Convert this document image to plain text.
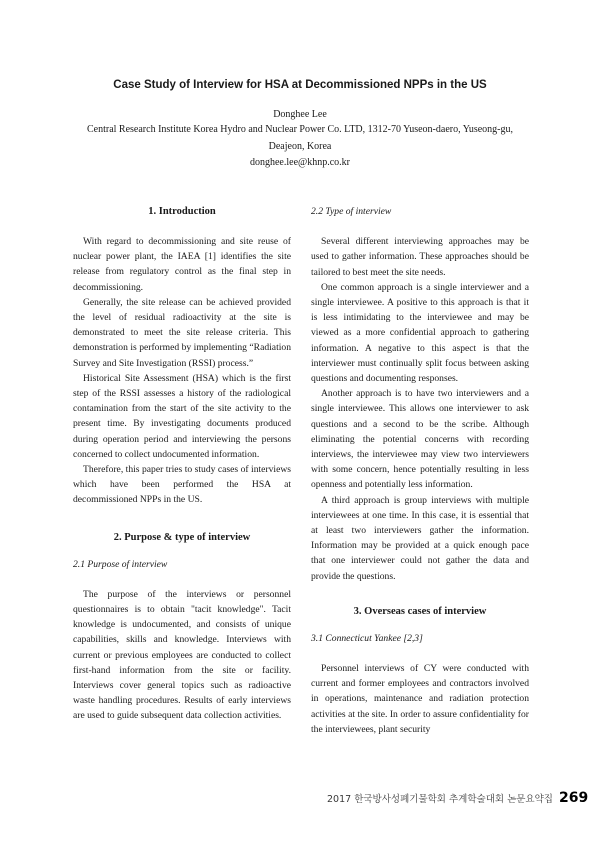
Case Study of Interview for HSA at Decommissioned NPPs in the US
Donghee Lee
Central Research Institute Korea Hydro and Nuclear Power Co. LTD, 1312-70 Yuseon-daero, Yuseong-gu,
Deajeon, Korea
donghee.lee@khnp.co.kr
1. Introduction

With regard to decommissioning and site reuse of nuclear power plant, the IAEA [1] identifies the site release from regulatory control as the final step in decommissioning.

Generally, the site release can be achieved provided the level of residual radioactivity at the site is demonstrated to meet the site release criteria. This demonstration is performed by implementing “Radiation Survey and Site Investigation (RSSI) process.”

Historical Site Assessment (HSA) which is the first step of the RSSI assesses a history of the radiological contamination from the start of the site activity to the present time. By investigating documents produced during operation period and interviewing the persons concerned to collect undocumented information.

Therefore, this paper tries to study cases of interviews which have been performed the HSA at decommissioned NPPs in the US.

2. Purpose & type of interview

2.1 Purpose of interview

The purpose of the interviews or personnel questionnaires is to obtain "tacit knowledge". Tacit knowledge is undocumented, and consists of unique capabilities, skills and knowledge. Interviews with current or previous employees are conducted to collect first-hand information from the site or facility. Interviews cover general topics such as radioactive waste handling procedures. Results of early interviews are used to guide subsequent data collection activities.

2.2 Type of interview

Several different interviewing approaches may be used to gather information. These approaches should be tailored to best meet the site needs.

One common approach is a single interviewer and a single interviewee. A positive to this approach is that it is less intimidating to the interviewee and may be viewed as a more confidential approach to gathering information. A negative to this aspect is that the interviewer must continually split focus between asking questions and documenting responses.

Another approach is to have two interviewers and a single interviewee. This allows one interviewer to ask questions and a second to be the scribe. Although eliminating the potential concerns with recording interviews, the interviewee may view two interviewers with some concern, hence potentially resulting in less openness and potentially less information.

A third approach is group interviews with multiple interviewees at one time. In this case, it is essential that at least two interviewers gather the information. Information may be provided at a quick enough pace that one interviewer could not gather the data and provide the questions.

3. Overseas cases of interview

3.1 Connecticut Yankee [2,3]

Personnel interviews of CY were conducted with current and former employees and contractors involved in operations, maintenance and radiation protection activities at the site. In order to assure confidentiality for the interviewees, plant security

2017 한국방사성폐기물학회 추계학술대회 논문요약집 269
